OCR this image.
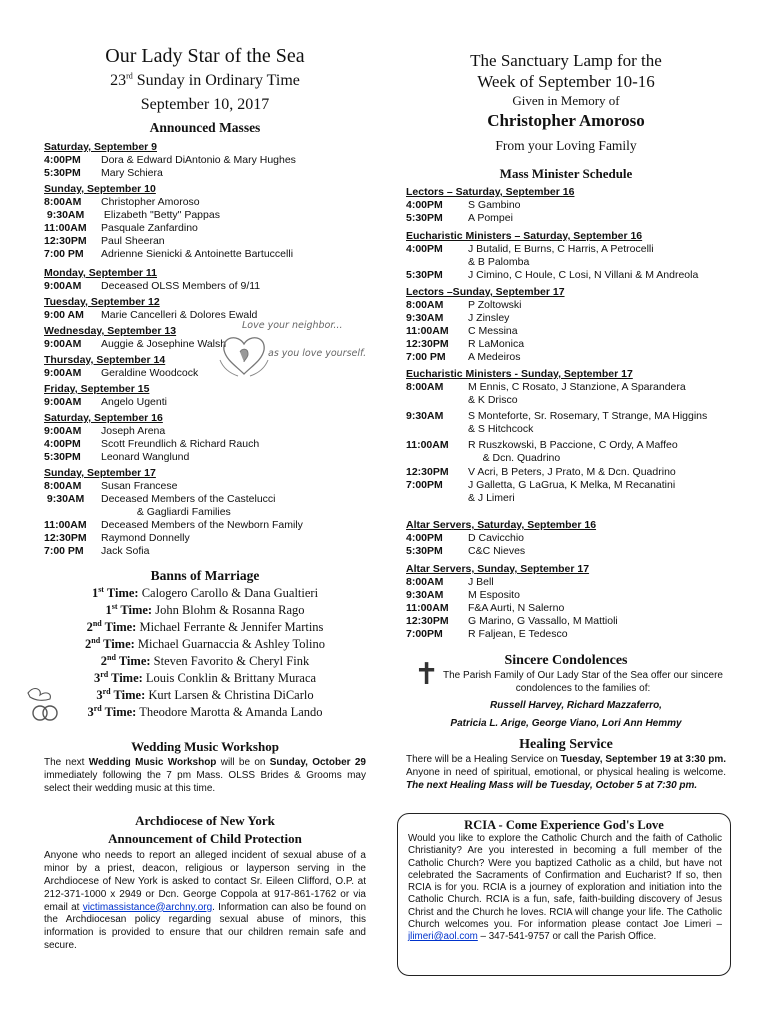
Our Lady Star of the Sea
23rd Sunday in Ordinary Time
September 10, 2017
Announced Masses
Saturday, September 9
4:00PM	Dora & Edward DiAntonio & Mary Hughes
5:30PM	Mary Schiera
Sunday, September 10
8:00AM	Christopher Amoroso
9:30AM	Elizabeth "Betty" Pappas
11:00AM	Pasquale Zanfardino
12:30PM	Paul Sheeran
7:00 PM	Adrienne Sienicki & Antoinette Bartuccelli
Monday, September 11
9:00AM	Deceased OLSS Members of 9/11
Tuesday, September 12
9:00 AM	Marie Cancelleri & Dolores Ewald
Wednesday, September 13
9:00AM	Auggie & Josephine Walsh
Thursday, September 14
9:00AM	Geraldine Woodcock
Friday, September 15
9:00AM	Angelo Ugenti
Saturday, September 16
9:00AM	Joseph Arena
4:00PM	Scott Freundlich & Richard Rauch
5:30PM	Leonard Wanglund
Sunday, September 17
8:00AM	Susan Francese
9:30AM	Deceased Members of the Castelucci
& Gagliardi Families
11:00AM	Deceased Members of the Newborn Family
12:30PM	Raymond Donnelly
7:00 PM	Jack Sofia
Love your neighbor...
as you love yourself.
Banns of Marriage
1st Time: Calogero Carollo & Dana Gualtieri
1st Time: John Blohm & Rosanna Rago
2nd Time: Michael Ferrante & Jennifer Martins
2nd Time: Michael Guarnaccia & Ashley Tolino
2nd Time: Steven Favorito & Cheryl Fink
3rd Time: Louis Conklin & Brittany Muraca
3rd Time: Kurt Larsen & Christina DiCarlo
3rd Time: Theodore Marotta & Amanda Lando
Wedding Music Workshop
The next Wedding Music Workshop will be on Sunday, October 29 immediately following the 7 pm Mass. OLSS Brides & Grooms may select their wedding music at this time.
Archdiocese of New York
Announcement of Child Protection
Anyone who needs to report an alleged incident of sexual abuse of a minor by a priest, deacon, religious or layperson serving in the Archdiocese of New York is asked to contact Sr. Eileen Clifford, O.P. at 212-371-1000 x 2949 or Dcn. George Coppola at 917-861-1762 or via email at victimassistance@archny.org. Information can also be found on the Archdiocesan policy regarding sexual abuse of minors, this information is provided to ensure that our children remain safe and secure.
The Sanctuary Lamp for the
Week of September 10-16
Given in Memory of
Christopher Amoroso
From your Loving Family
Mass Minister Schedule
Lectors – Saturday, September 16
4:00PM	S Gambino
5:30PM	A Pompei
Eucharistic Ministers – Saturday, September 16
4:00PM	J Butalid, E Burns, C Harris, A Petrocelli
& B Palomba
5:30PM	J Cimino, C Houle, C Losi, N Villani & M Andreola
Lectors –Sunday, September 17
8:00AM	P Zoltowski
9:30AM	J Zinsley
11:00AM	C Messina
12:30PM	R LaMonica
7:00 PM	A Medeiros
Eucharistic Ministers - Sunday, September 17
8:00AM	M Ennis, C Rosato, J Stanzione, A Sparandera
& K Drisco
9:30AM	S Monteforte, Sr. Rosemary, T Strange, MA Higgins
& S Hitchcock
11:00AM	R Ruszkowski, B Paccione, C Ordy, A Maffeo
& Dcn. Quadrino
12:30PM	V Acri, B Peters, J Prato, M & Dcn. Quadrino
7:00PM	J Galletta, G LaGrua, K Melka, M Recanatini
& J Limeri
Altar Servers, Saturday, September 16
4:00PM	D Cavicchio
5:30PM	C&C Nieves
Altar Servers, Sunday, September 17
8:00AM	J Bell
9:30AM	M Esposito
11:00AM	F&A Aurti, N Salerno
12:30PM	G Marino, G Vassallo, M Mattioli
7:00PM	R Faljean, E Tedesco
Sincere Condolences
The Parish Family of Our Lady Star of the Sea offer our sincere condolences to the families of:
Russell Harvey, Richard Mazzaferro,
Patricia L. Arige, George Viano, Lori Ann Hemmy
Healing Service
There will be a Healing Service on Tuesday, September 19 at 3:30 pm. Anyone in need of spiritual, emotional, or physical healing is welcome. The next Healing Mass will be Tuesday, October 5 at 7:30 pm.
✝
RCIA - Come Experience God's Love
Would you like to explore the Catholic Church and the faith of Catholic Christianity? Are you interested in becoming a full member of the Catholic Church? Were you baptized Catholic as a child, but have not celebrated the Sacraments of Confirmation and Eucharist? If so, then RCIA is for you. RCIA is a journey of exploration and initiation into the Catholic Church. RCIA is a fun, safe, faith-building discovery of Jesus Christ and the Church he loves. RCIA will change your life. The Catholic Church welcomes you. For information please contact Joe Limeri – jlimeri@aol.com – 347-541-9757 or call the Parish Office.
